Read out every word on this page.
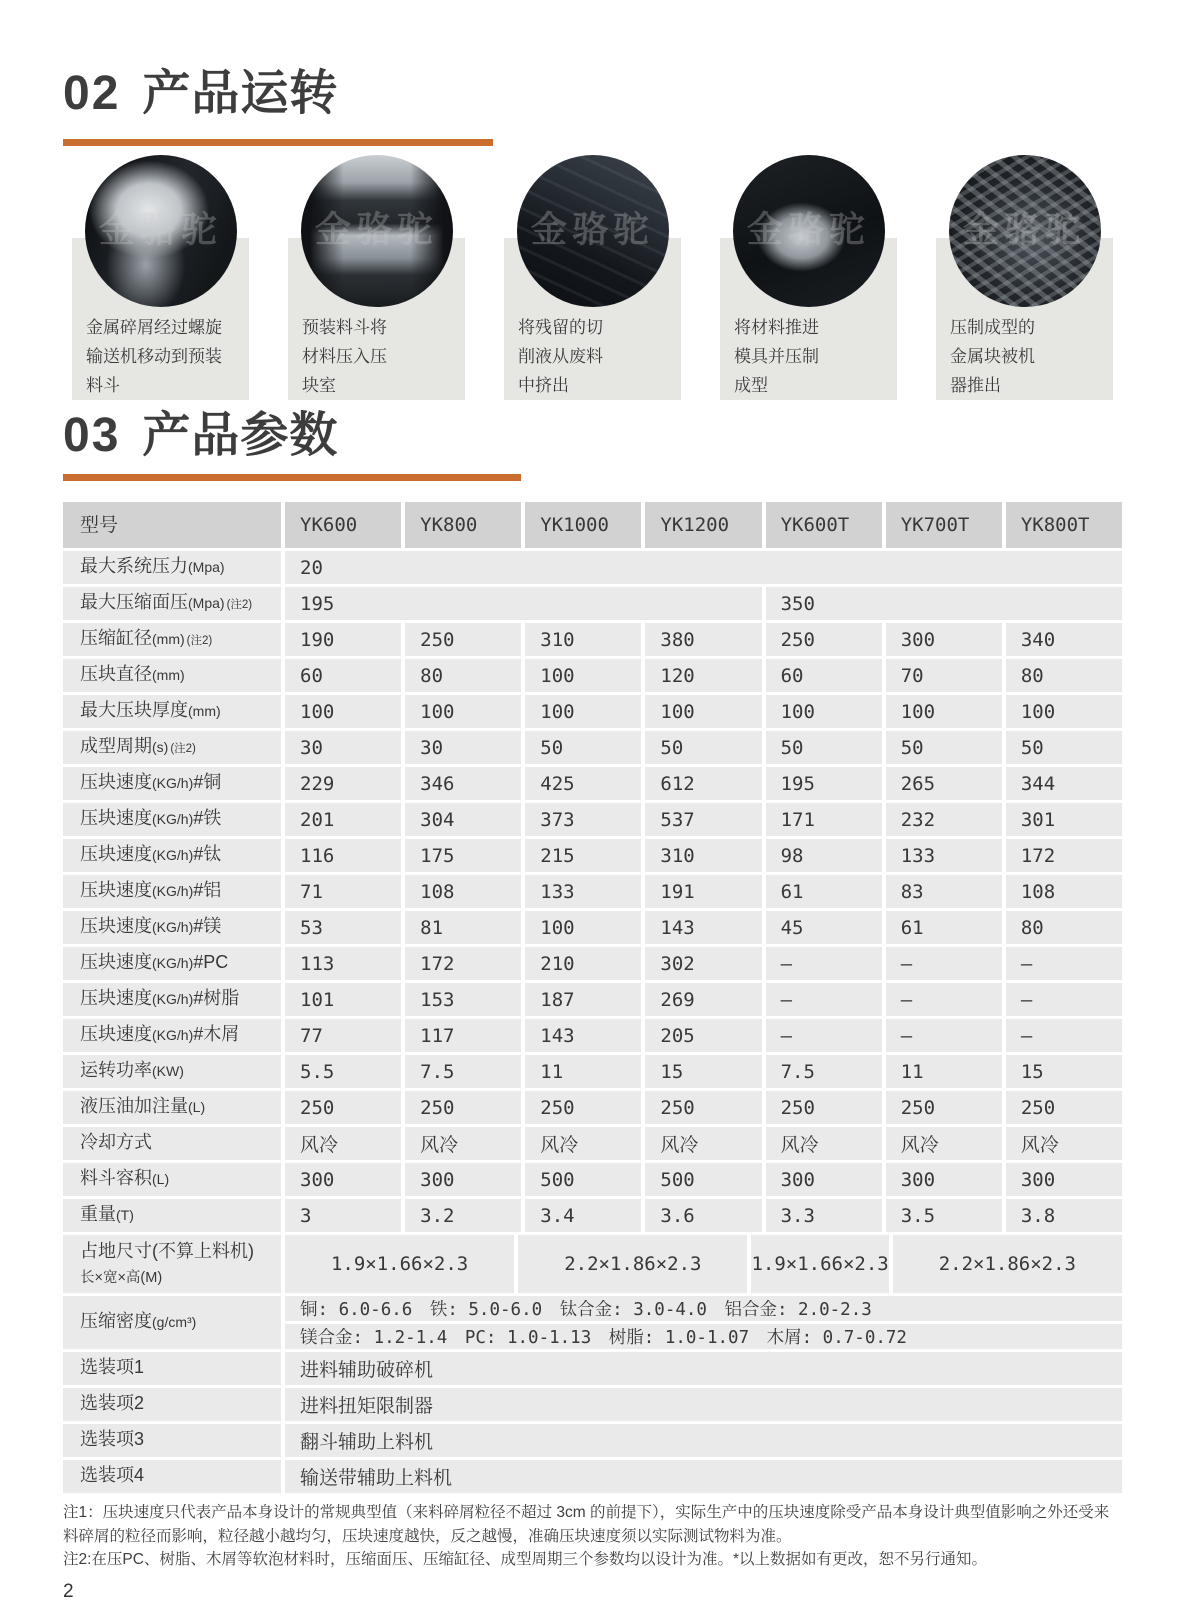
02 产品运转
金骆驼
金属碎屑经过螺旋
输送机移动到预装
料斗
金骆驼
预装料斗将
材料压入压
块室
金骆驼
将残留的切
削液从废料
中挤出
金骆驼
将材料推进
模具并压制
成型
金骆驼
压制成型的
金属块被机
器推出
03 产品参数
型号	YK600	YK800	YK1000	YK1200	YK600T	YK700T	YK800T
最大系统压力(Mpa)	20
最大压缩面压(Mpa) (注2)	195	350
压缩缸径(mm) (注2)	190	250	310	380	250	300	340
压块直径(mm)	60	80	100	120	60	70	80
最大压块厚度(mm)	100	100	100	100	100	100	100
成型周期(s) (注2)	30	30	50	50	50	50	50
压块速度(KG/h)#铜	229	346	425	612	195	265	344
压块速度(KG/h)#铁	201	304	373	537	171	232	301
压块速度(KG/h)#钛	116	175	215	310	98	133	172
压块速度(KG/h)#铝	71	108	133	191	61	83	108
压块速度(KG/h)#镁	53	81	100	143	45	61	80
压块速度(KG/h)#PC	113	172	210	302	–	–	–
压块速度(KG/h)#树脂	101	153	187	269	–	–	–
压块速度(KG/h)#木屑	77	117	143	205	–	–	–
运转功率(KW)	5.5	7.5	11	15	7.5	11	15
液压油加注量(L)	250	250	250	250	250	250	250
冷却方式	风冷	风冷	风冷	风冷	风冷	风冷	风冷
料斗容积(L)	300	300	500	500	300	300	300
重量(T)	3	3.2	3.4	3.6	3.3	3.5	3.8
占地尺寸(不算上料机)
长×宽×高(M)
1.9×1.66×2.3	2.2×1.86×2.3	1.9×1.66×2.3	2.2×1.86×2.3
压缩密度(g/cm³)
铜: 6.0-6.6　铁: 5.0-6.0　钛合金: 3.0-4.0　铝合金: 2.0-2.3
镁合金: 1.2-1.4　PC: 1.0-1.13　树脂: 1.0-1.07　木屑: 0.7-0.72
选装项1	进料辅助破碎机
选装项2	进料扭矩限制器
选装项3	翻斗辅助上料机
选装项4	输送带辅助上料机

注1：压块速度只代表产品本身设计的常规典型值（来料碎屑粒径不超过 3cm 的前提下），实际生产中的压块速度除受产品本身设计典型值影响之外还受来料碎屑的粒径而影响，粒径越小越均匀，压块速度越快，反之越慢，准确压块速度须以实际测试物料为准。

注2:在压PC、树脂、木屑等软泡材料时，压缩面压、压缩缸径、成型周期三个参数均以设计为准。*以上数据如有更改，恕不另行通知。

2
